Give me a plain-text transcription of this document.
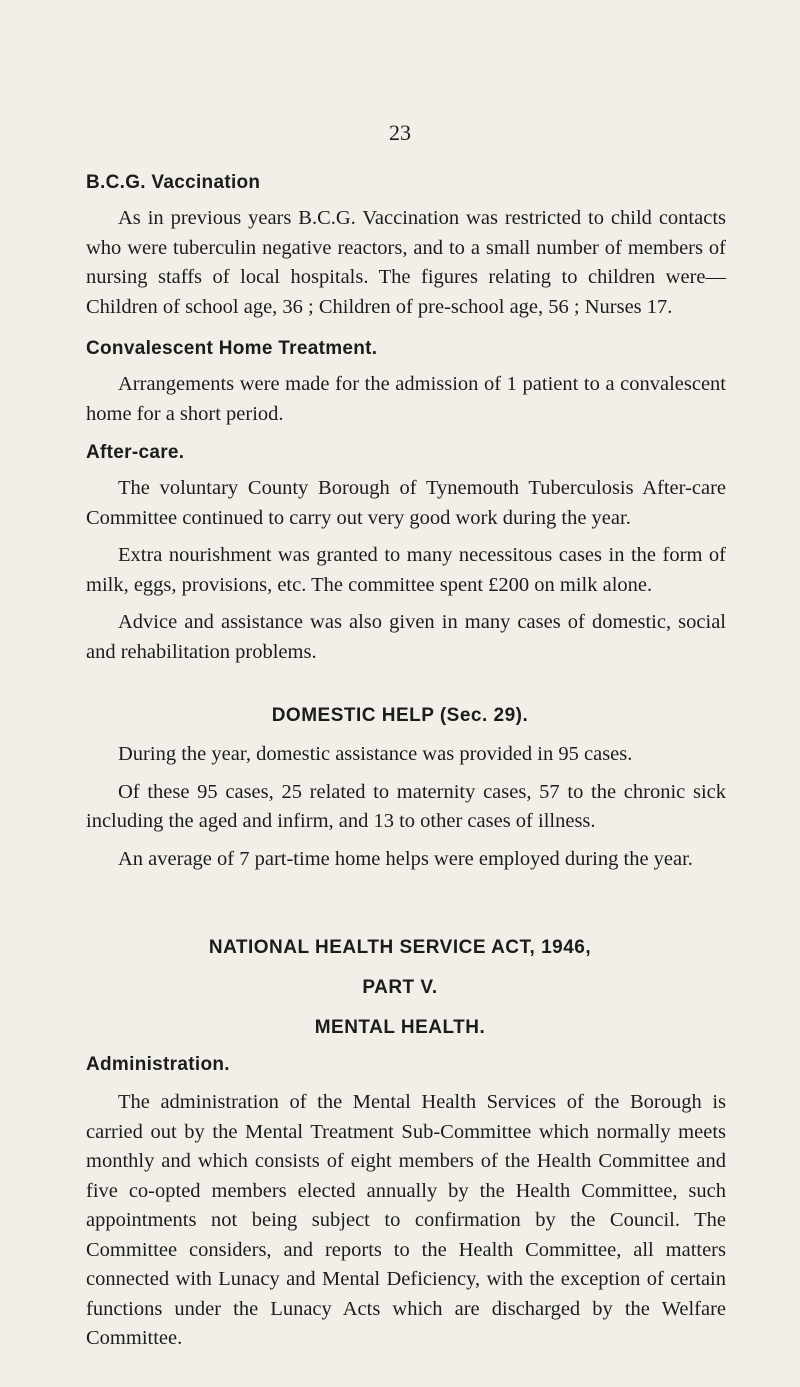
23
B.C.G. Vaccination

As in previous years B.C.G. Vaccination was restricted to child contacts who were tuberculin negative reactors, and to a small number of members of nursing staffs of local hospitals. The figures relating to children were—Children of school age, 36 ; Children of pre-school age, 56 ; Nurses 17.

Convalescent Home Treatment.

Arrangements were made for the admission of 1 patient to a convalescent home for a short period.

After-care.

The voluntary County Borough of Tynemouth Tuberculosis After-care Committee continued to carry out very good work during the year.

Extra nourishment was granted to many necessitous cases in the form of milk, eggs, provisions, etc. The committee spent £200 on milk alone.

Advice and assistance was also given in many cases of domestic, social and rehabilitation problems.

DOMESTIC HELP (Sec. 29).

During the year, domestic assistance was provided in 95 cases.

Of these 95 cases, 25 related to maternity cases, 57 to the chronic sick including the aged and infirm, and 13 to other cases of illness.

An average of 7 part-time home helps were employed during the year.

NATIONAL HEALTH SERVICE ACT, 1946,
PART V.
MENTAL HEALTH.
Administration.

The administration of the Mental Health Services of the Borough is carried out by the Mental Treatment Sub-Committee which normally meets monthly and which consists of eight members of the Health Committee and five co-opted members elected annually by the Health Committee, such appointments not being subject to confirmation by the Council. The Committee considers, and reports to the Health Committee, all matters connected with Lunacy and Mental Deficiency, with the exception of certain functions under the Lunacy Acts which are discharged by the Welfare Committee.
